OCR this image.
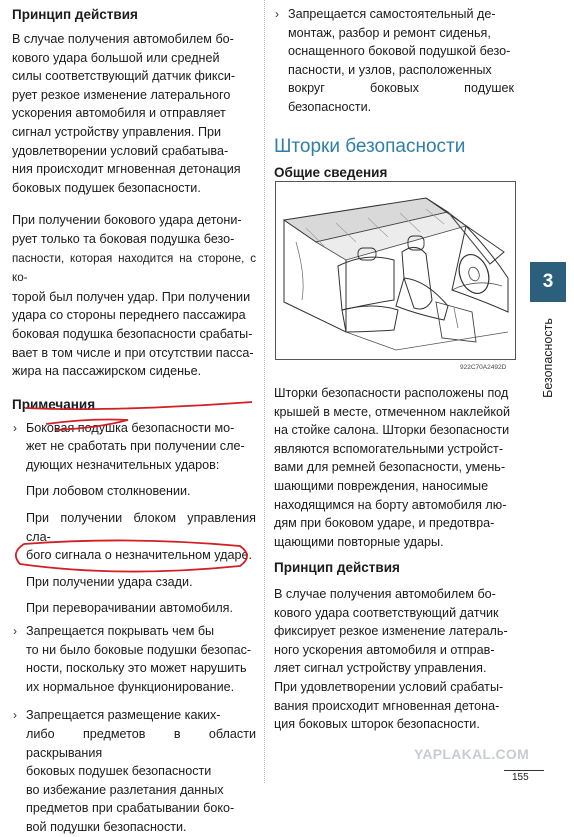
Принцип действия

В случае получения автомобилем бо-
кового удара большой или средней
силы соответствующий датчик фикси-
рует резкое изменение латерального
ускорения автомобиля и отправляет
сигнал устройству управления. При
удовлетворении условий срабатыва-
ния происходит мгновенная детонация
боковых подушек безопасности.

При получении бокового удара детони-
рует только та боковая подушка безо-
пасности, которая находится на стороне, с ко-
торой был получен удар. При получении
удара со стороны переднего пассажира
боковая подушка безопасности срабаты-
вает в том числе и при отсутствии пасса-
жира на пассажирском сиденье.

Примечания
› Боковая подушка безопасности мо-
жет не сработать при получении сле-
дующих незначительных ударов:

При лобовом столкновении.

При получении блоком управления сла-
бого сигнала о незначительном ударе.

При получении удара сзади.

При переворачивании автомобиля.

› Запрещается покрывать чем бы
то ни было боковые подушки безопас-
ности, поскольку это может нарушить
их нормальное функционирование.

› Запрещается размещение каких-
либо предметов в области раскрывания
боковых подушек безопасности
во избежание разлетания данных
предметов при срабатывании боко-
вой подушки безопасности.

› Запрещается самостоятельный де-
монтаж, разбор и ремонт сиденья,
оснащенного боковой подушкой безо-
пасности, и узлов, расположенных
вокруг боковых подушек безопасности.

Шторки безопасности
Общие сведения

Шторки безопасности расположены под
крышей в месте, отмеченном наклейкой
на стойке салона. Шторки безопасности
являются вспомогательными устройст-
вами для ремней безопасности, умень-
шающими повреждения, наносимые
находящимся на борту автомобиля лю-
дям при боковом ударе, и предотвра-
щающими повторные удары.

Принцип действия

В случае получения автомобилем бо-
кового удара соответствующий датчик
фиксирует резкое изменение латераль-
ного ускорения автомобиля и отправ-
ляет сигнал устройству управления.
При удовлетворении условий срабаты-
вания происходит мгновенная детона-
ция боковых шторок безопасности.

922C70A2492D
3
Безопасность
YAPLAKAL.COM
155
